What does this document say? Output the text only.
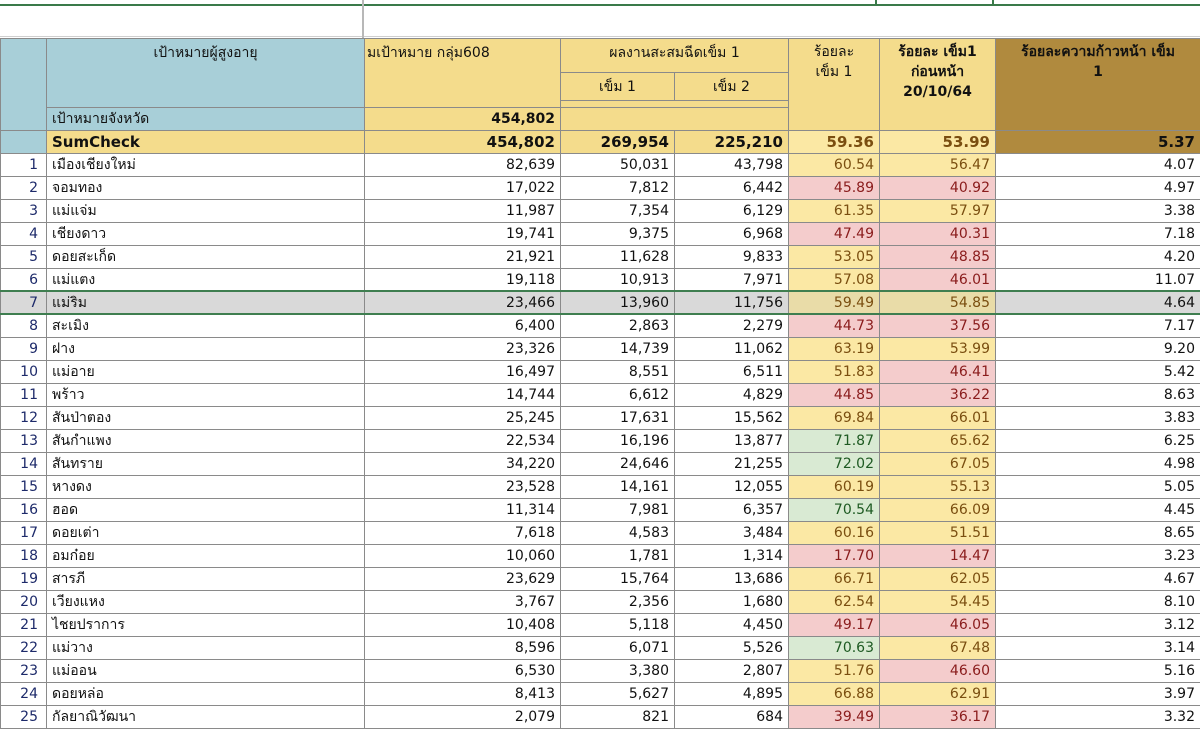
	เป้าหมายผู้สูงอายุ	มเป้าหมาย กลุ่ม608	ผลงานสะสมฉีดเข็ม 1		ร้อยละ
เข็ม 1	ร้อยละ เข็ม1
ก่อนหน้า
20/10/64	ร้อยละความก้าวหน้า เข็ม
1
			เข็ม 1	เข็ม 2			

	เป้าหมายจังหวัด	454,802					
	SumCheck	454,802	269,954	225,210	59.36	53.99	5.37
1	เมืองเชียงใหม่	82,639	50,031	43,798	60.54	56.47	4.07
2	จอมทอง	17,022	7,812	6,442	45.89	40.92	4.97
3	แม่แจ่ม	11,987	7,354	6,129	61.35	57.97	3.38
4	เชียงดาว	19,741	9,375	6,968	47.49	40.31	7.18
5	ดอยสะเก็ด	21,921	11,628	9,833	53.05	48.85	4.20
6	แม่แตง	19,118	10,913	7,971	57.08	46.01	11.07
7	แม่ริม	23,466	13,960	11,756	59.49	54.85	4.64
8	สะเมิง	6,400	2,863	2,279	44.73	37.56	7.17
9	ฝาง	23,326	14,739	11,062	63.19	53.99	9.20
10	แม่อาย	16,497	8,551	6,511	51.83	46.41	5.42
11	พร้าว	14,744	6,612	4,829	44.85	36.22	8.63
12	สันป่าตอง	25,245	17,631	15,562	69.84	66.01	3.83
13	สันกำแพง	22,534	16,196	13,877	71.87	65.62	6.25
14	สันทราย	34,220	24,646	21,255	72.02	67.05	4.98
15	หางดง	23,528	14,161	12,055	60.19	55.13	5.05
16	ฮอด	11,314	7,981	6,357	70.54	66.09	4.45
17	ดอยเต่า	7,618	4,583	3,484	60.16	51.51	8.65
18	อมก๋อย	10,060	1,781	1,314	17.70	14.47	3.23
19	สารภี	23,629	15,764	13,686	66.71	62.05	4.67
20	เวียงแหง	3,767	2,356	1,680	62.54	54.45	8.10
21	ไชยปราการ	10,408	5,118	4,450	49.17	46.05	3.12
22	แม่วาง	8,596	6,071	5,526	70.63	67.48	3.14
23	แม่ออน	6,530	3,380	2,807	51.76	46.60	5.16
24	ดอยหล่อ	8,413	5,627	4,895	66.88	62.91	3.97
25	กัลยาณิวัฒนา	2,079	821	684	39.49	36.17	3.32
